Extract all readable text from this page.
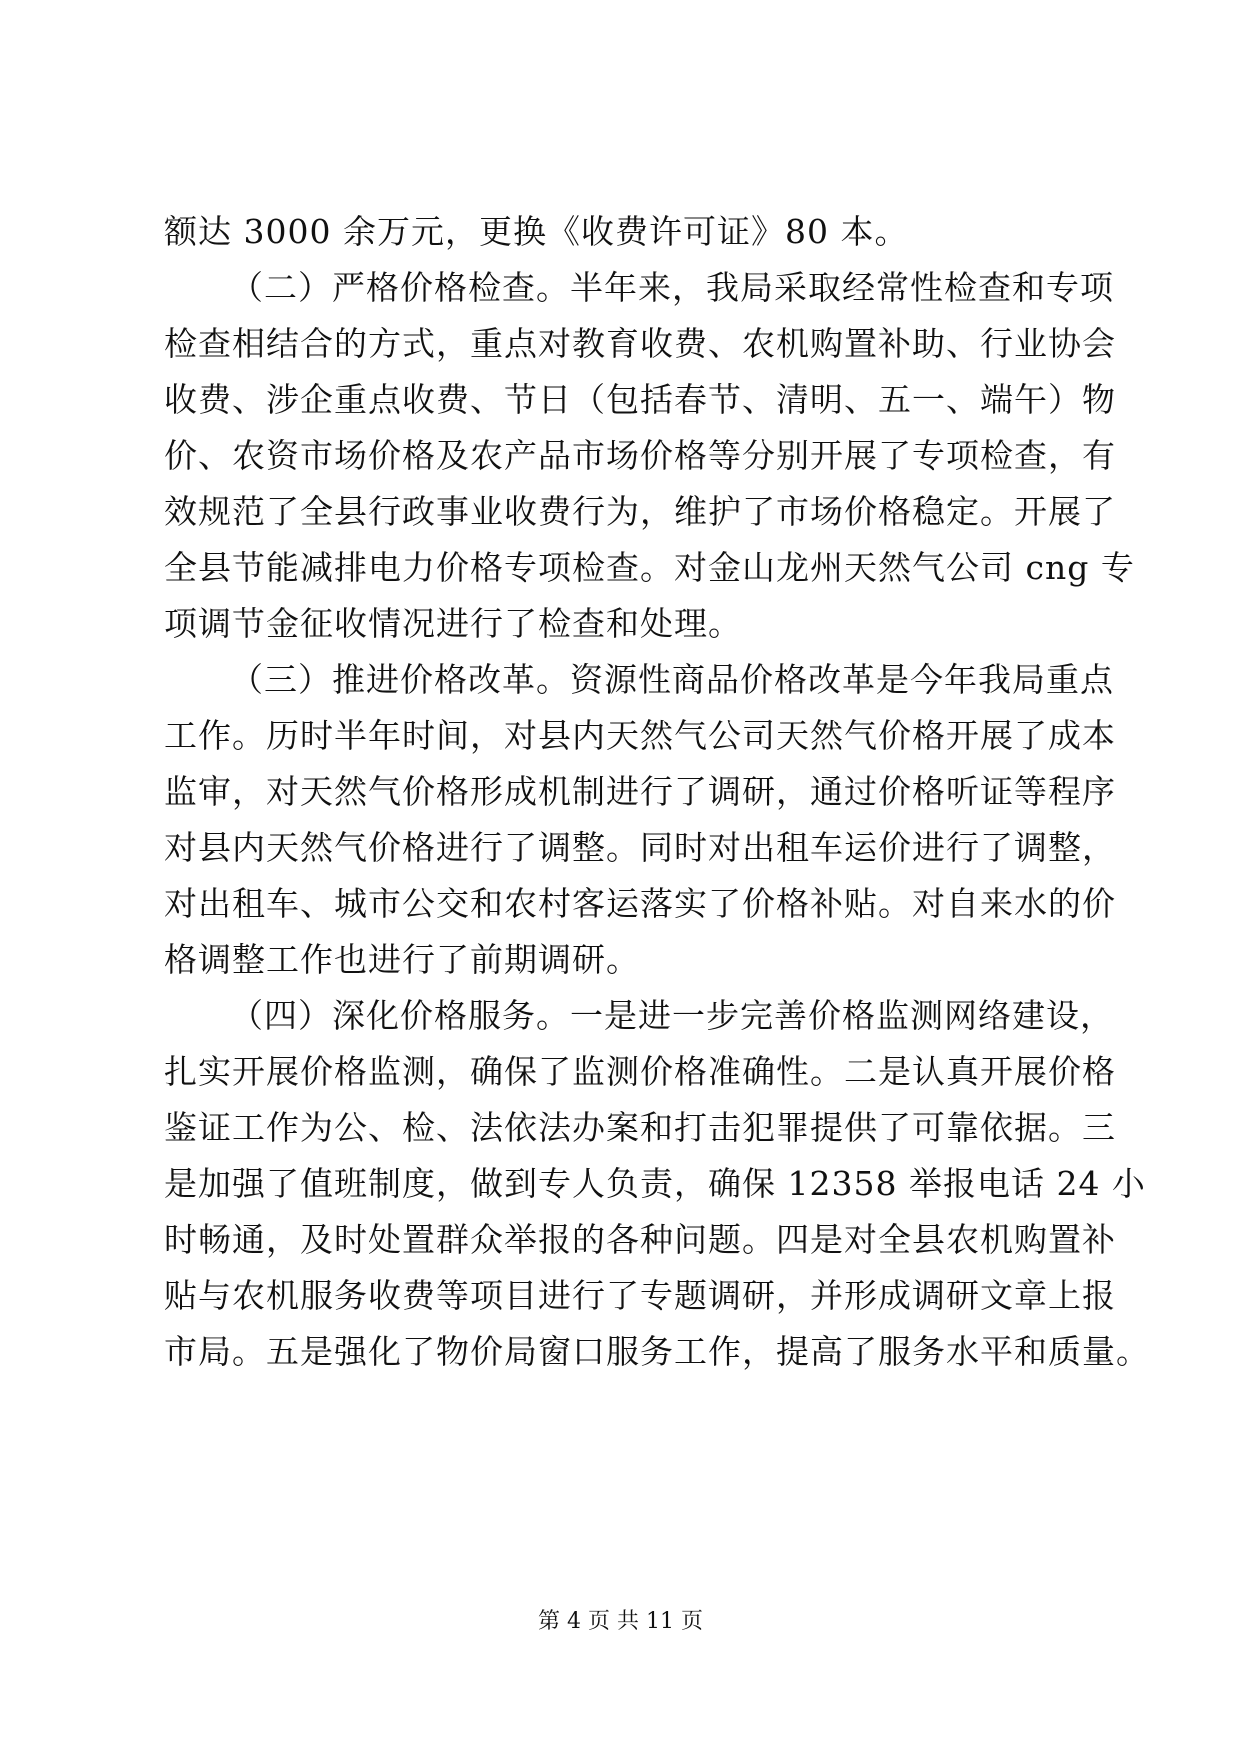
额达 3000 余万元，更换《收费许可证》80 本。
（二）严格价格检查。半年来，我局采取经常性检查和专项
检查相结合的方式，重点对教育收费、农机购置补助、行业协会
收费、涉企重点收费、节日（包括春节、清明、五一、端午）物
价、农资市场价格及农产品市场价格等分别开展了专项检查，有
效规范了全县行政事业收费行为，维护了市场价格稳定。开展了
全县节能减排电力价格专项检查。对金山龙州天然气公司 cng 专
项调节金征收情况进行了检查和处理。
（三）推进价格改革。资源性商品价格改革是今年我局重点
工作。历时半年时间，对县内天然气公司天然气价格开展了成本
监审，对天然气价格形成机制进行了调研，通过价格听证等程序
对县内天然气价格进行了调整。同时对出租车运价进行了调整，
对出租车、城市公交和农村客运落实了价格补贴。对自来水的价
格调整工作也进行了前期调研。
（四）深化价格服务。一是进一步完善价格监测网络建设，
扎实开展价格监测，确保了监测价格准确性。二是认真开展价格
鉴证工作为公、检、法依法办案和打击犯罪提供了可靠依据。三
是加强了值班制度，做到专人负责，确保 12358 举报电话 24 小
时畅通，及时处置群众举报的各种问题。四是对全县农机购置补
贴与农机服务收费等项目进行了专题调研，并形成调研文章上报
市局。五是强化了物价局窗口服务工作，提高了服务水平和质量。
第 4 页 共 11 页
